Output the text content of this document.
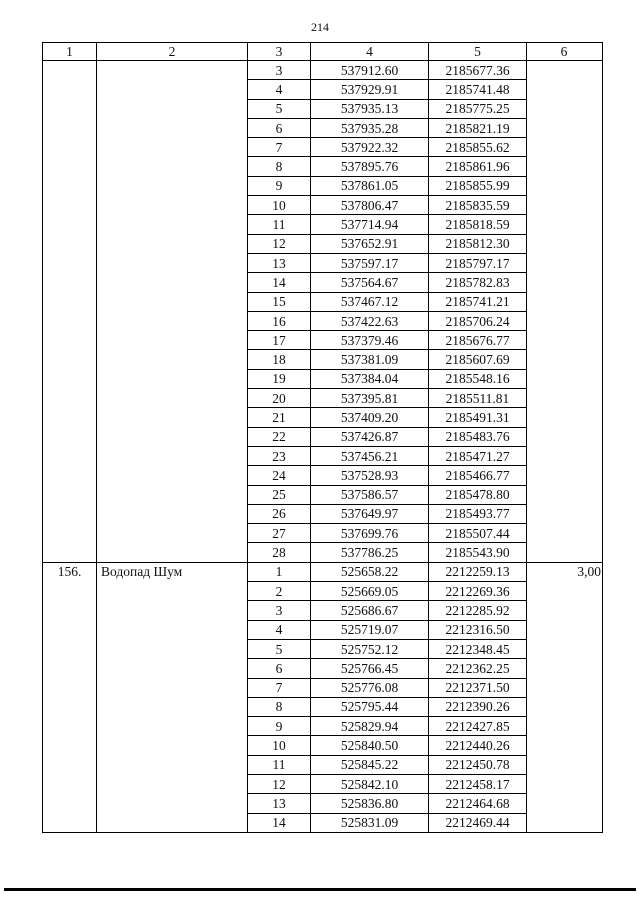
214
1	2	3	4	5	6
		3	537912.60	2185677.36	
		4	537929.91	2185741.48	
		5	537935.13	2185775.25	
		6	537935.28	2185821.19	
		7	537922.32	2185855.62	
		8	537895.76	2185861.96	
		9	537861.05	2185855.99	
		10	537806.47	2185835.59	
		11	537714.94	2185818.59	
		12	537652.91	2185812.30	
		13	537597.17	2185797.17	
		14	537564.67	2185782.83	
		15	537467.12	2185741.21	
		16	537422.63	2185706.24	
		17	537379.46	2185676.77	
		18	537381.09	2185607.69	
		19	537384.04	2185548.16	
		20	537395.81	2185511.81	
		21	537409.20	2185491.31	
		22	537426.87	2185483.76	
		23	537456.21	2185471.27	
		24	537528.93	2185466.77	
		25	537586.57	2185478.80	
		26	537649.97	2185493.77	
		27	537699.76	2185507.44	
		28	537786.25	2185543.90	
156.	Водопад Шум	1	525658.22	2212259.13	3,00
		2	525669.05	2212269.36	
		3	525686.67	2212285.92	
		4	525719.07	2212316.50	
		5	525752.12	2212348.45	
		6	525766.45	2212362.25	
		7	525776.08	2212371.50	
		8	525795.44	2212390.26	
		9	525829.94	2212427.85	
		10	525840.50	2212440.26	
		11	525845.22	2212450.78	
		12	525842.10	2212458.17	
		13	525836.80	2212464.68	
		14	525831.09	2212469.44	
